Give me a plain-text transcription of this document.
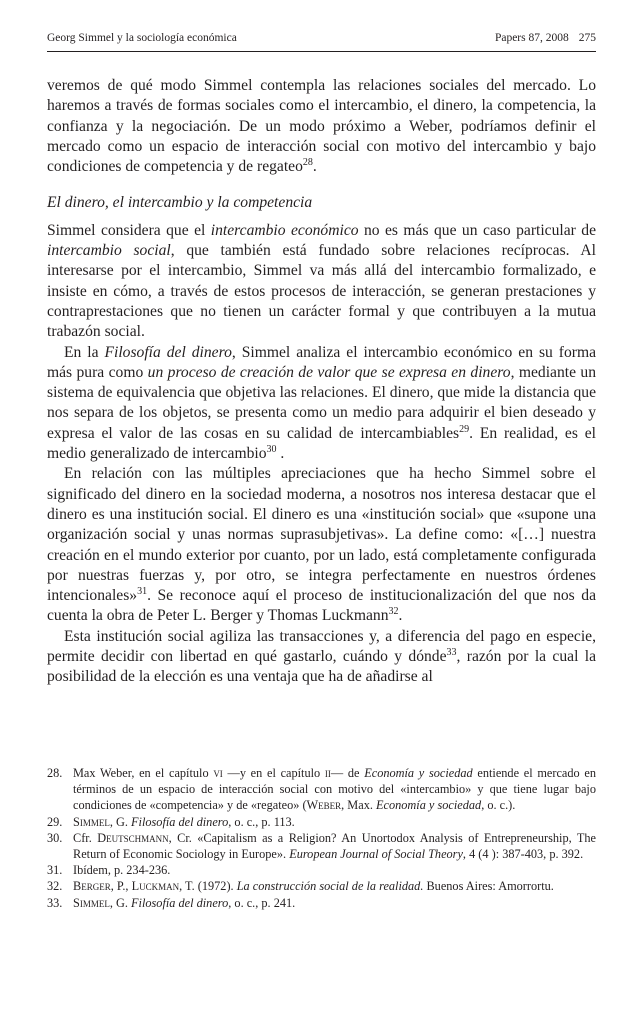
Georg Simmel y la sociología económica	Papers 87, 2008 275

veremos de qué modo Simmel contempla las relaciones sociales del mercado. Lo haremos a través de formas sociales como el intercambio, el dinero, la competencia, la confianza y la negociación. De un modo próximo a Weber, podríamos definir el mercado como un espacio de interacción social con motivo del intercambio y bajo condiciones de competencia y de regateo$^{28}$.

El dinero, el intercambio y la competencia

Simmel considera que el intercambio económico no es más que un caso particular de intercambio social, que también está fundado sobre relaciones recíprocas. Al interesarse por el intercambio, Simmel va más allá del intercambio formalizado, e insiste en cómo, a través de estos procesos de interacción, se generan prestaciones y contraprestaciones que no tienen un carácter formal y que contribuyen a la mutua trabazón social.

En la Filosofía del dinero, Simmel analiza el intercambio económico en su forma más pura como un proceso de creación de valor que se expresa en dinero, mediante un sistema de equivalencia que objetiva las relaciones. El dinero, que mide la distancia que nos separa de los objetos, se presenta como un medio para adquirir el bien deseado y expresa el valor de las cosas en su calidad de intercambiables$^{29}$. En realidad, es el medio generalizado de intercambio$^{30}$ .

En relación con las múltiples apreciaciones que ha hecho Simmel sobre el significado del dinero en la sociedad moderna, a nosotros nos interesa destacar que el dinero es una institución social. El dinero es una «institución social» que «supone una organización social y unas normas suprasubjetivas». La define como: «[…] nuestra creación en el mundo exterior por cuanto, por un lado, está completamente configurada por nuestras fuerzas y, por otro, se integra perfectamente en nuestros órdenes intencionales»$^{31}$. Se reconoce aquí el proceso de institucionalización del que nos da cuenta la obra de Peter L. Berger y Thomas Luckmann$^{32}$.

Esta institución social agiliza las transacciones y, a diferencia del pago en especie, permite decidir con libertad en qué gastarlo, cuándo y dónde$^{33}$, razón por la cual la posibilidad de la elección es una ventaja que ha de añadirse al

28. Max Weber, en el capítulo vi —y en el capítulo ii— de Economía y sociedad entiende el mercado en términos de un espacio de interacción social con motivo del «intercambio» y que tiene lugar bajo condiciones de «competencia» y de «regateo» (Weber, Max. Economía y sociedad, o. c.).
29. Simmel, G. Filosofía del dinero, o. c., p. 113.
30. Cfr. Deutschmann, Cr. «Capitalism as a Religion? An Unortodox Analysis of Entrepreneurship, The Return of Economic Sociology in Europe». European Journal of Social Theory, 4 (4 ): 387-403, p. 392.
31. Ibídem, p. 234-236.
32. Berger, P., Luckman, T. (1972). La construcción social de la realidad. Buenos Aires: Amorrortu.
33. Simmel, G. Filosofía del dinero, o. c., p. 241.
